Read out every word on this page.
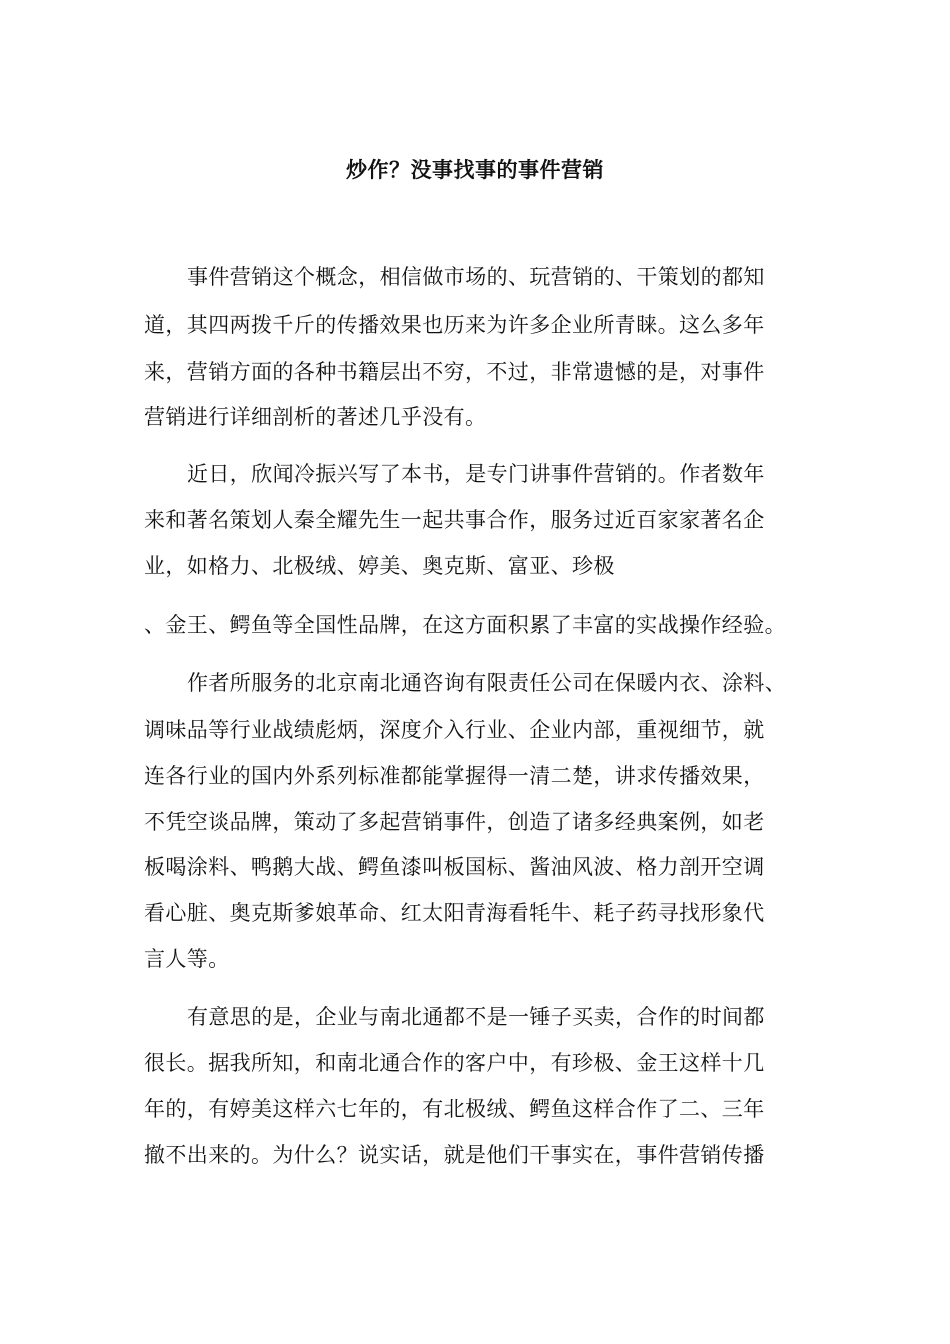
炒作？没事找事的事件营销
事件营销这个概念，相信做市场的、玩营销的、干策划的都知
道，其四两拨千斤的传播效果也历来为许多企业所青睐。这么多年
来，营销方面的各种书籍层出不穷，不过，非常遗憾的是，对事件
营销进行详细剖析的著述几乎没有。
近日，欣闻冷振兴写了本书，是专门讲事件营销的。作者数年
来和著名策划人秦全耀先生一起共事合作，服务过近百家家著名企
业，如格力、北极绒、婷美、奥克斯、富亚、珍极
、金王、鳄鱼等全国性品牌，在这方面积累了丰富的实战操作经验。
作者所服务的北京南北通咨询有限责任公司在保暖内衣、涂料、
调味品等行业战绩彪炳，深度介入行业、企业内部，重视细节，就
连各行业的国内外系列标准都能掌握得一清二楚，讲求传播效果，
不凭空谈品牌，策动了多起营销事件，创造了诸多经典案例，如老
板喝涂料、鸭鹅大战、鳄鱼漆叫板国标、酱油风波、格力剖开空调
看心脏、奥克斯爹娘革命、红太阳青海看牦牛、耗子药寻找形象代
言人等。
有意思的是，企业与南北通都不是一锤子买卖，合作的时间都
很长。据我所知，和南北通合作的客户中，有珍极、金王这样十几
年的，有婷美这样六七年的，有北极绒、鳄鱼这样合作了二、三年
撤不出来的。为什么？说实话，就是他们干事实在，事件营销传播
